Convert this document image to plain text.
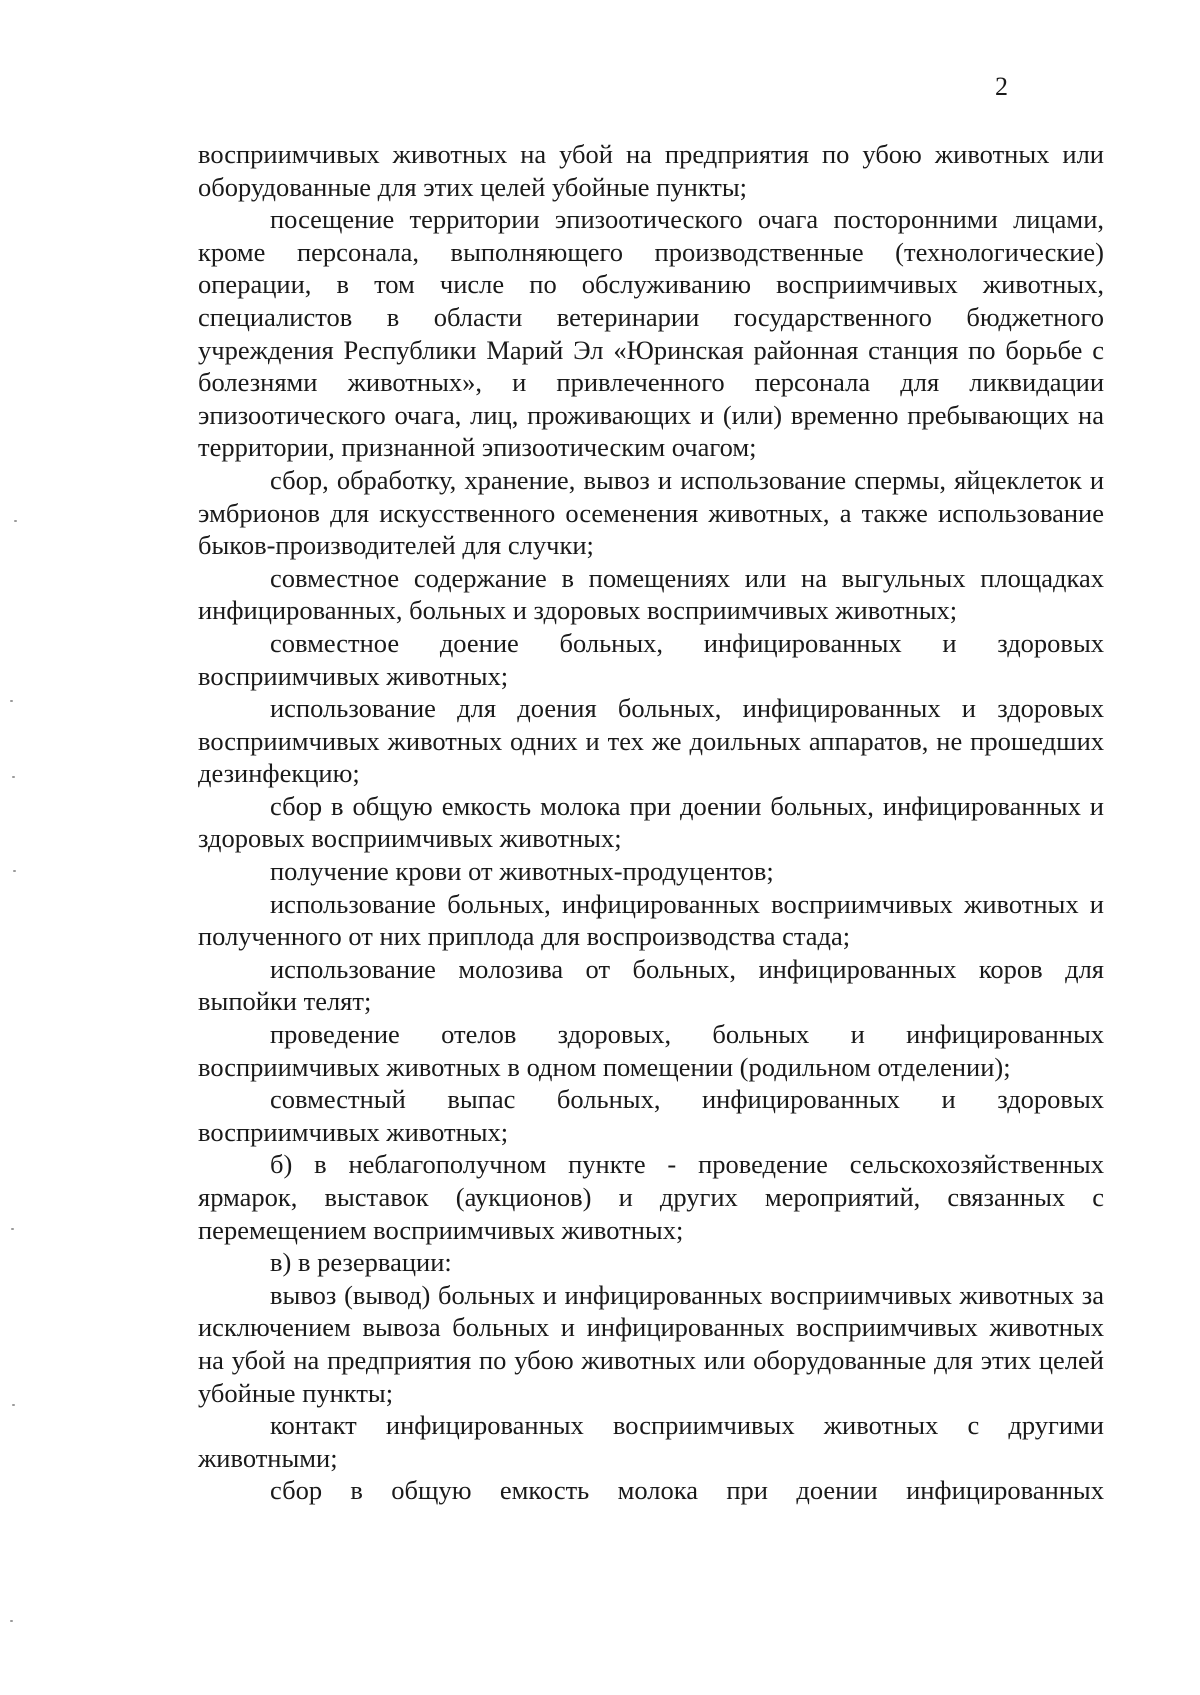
2

восприимчивых животных на убой на предприятия по убою животных или оборудованные для этих целей убойные пункты;

посещение территории эпизоотического очага посторонними лицами, кроме персонала, выполняющего производственные (технологические) операции, в том числе по обслуживанию восприимчивых животных, специалистов в области ветеринарии государственного бюджетного учреждения Республики Марий Эл «Юринская районная станция по борьбе с болезнями животных», и привлеченного персонала для ликвидации эпизоотического очага, лиц, проживающих и (или) временно пребывающих на территории, признанной эпизоотическим очагом;

сбор, обработку, хранение, вывоз и использование спермы, яйцеклеток и эмбрионов для искусственного осеменения животных, а также использование быков-производителей для случки;

совместное содержание в помещениях или на выгульных площадках инфицированных, больных и здоровых восприимчивых животных;

совместное доение больных, инфицированных и здоровых восприимчивых животных;

использование для доения больных, инфицированных и здоровых восприимчивых животных одних и тех же доильных аппаратов, не прошедших дезинфекцию;

сбор в общую емкость молока при доении больных, инфицированных и здоровых восприимчивых животных;

получение крови от животных-продуцентов;

использование больных, инфицированных восприимчивых животных и полученного от них приплода для воспроизводства стада;

использование молозива от больных, инфицированных коров для выпойки телят;

проведение отелов здоровых, больных и инфицированных восприимчивых животных в одном помещении (родильном отделении);

совместный выпас больных, инфицированных и здоровых восприимчивых животных;

б) в неблагополучном пункте - проведение сельскохозяйственных ярмарок, выставок (аукционов) и других мероприятий, связанных с перемещением восприимчивых животных;

в) в резервации:

вывоз (вывод) больных и инфицированных восприимчивых животных за исключением вывоза больных и инфицированных восприимчивых животных на убой на предприятия по убою животных или оборудованные для этих целей убойные пункты;

контакт инфицированных восприимчивых животных с другими животными;

сбор в общую емкость молока при доении инфицированных
